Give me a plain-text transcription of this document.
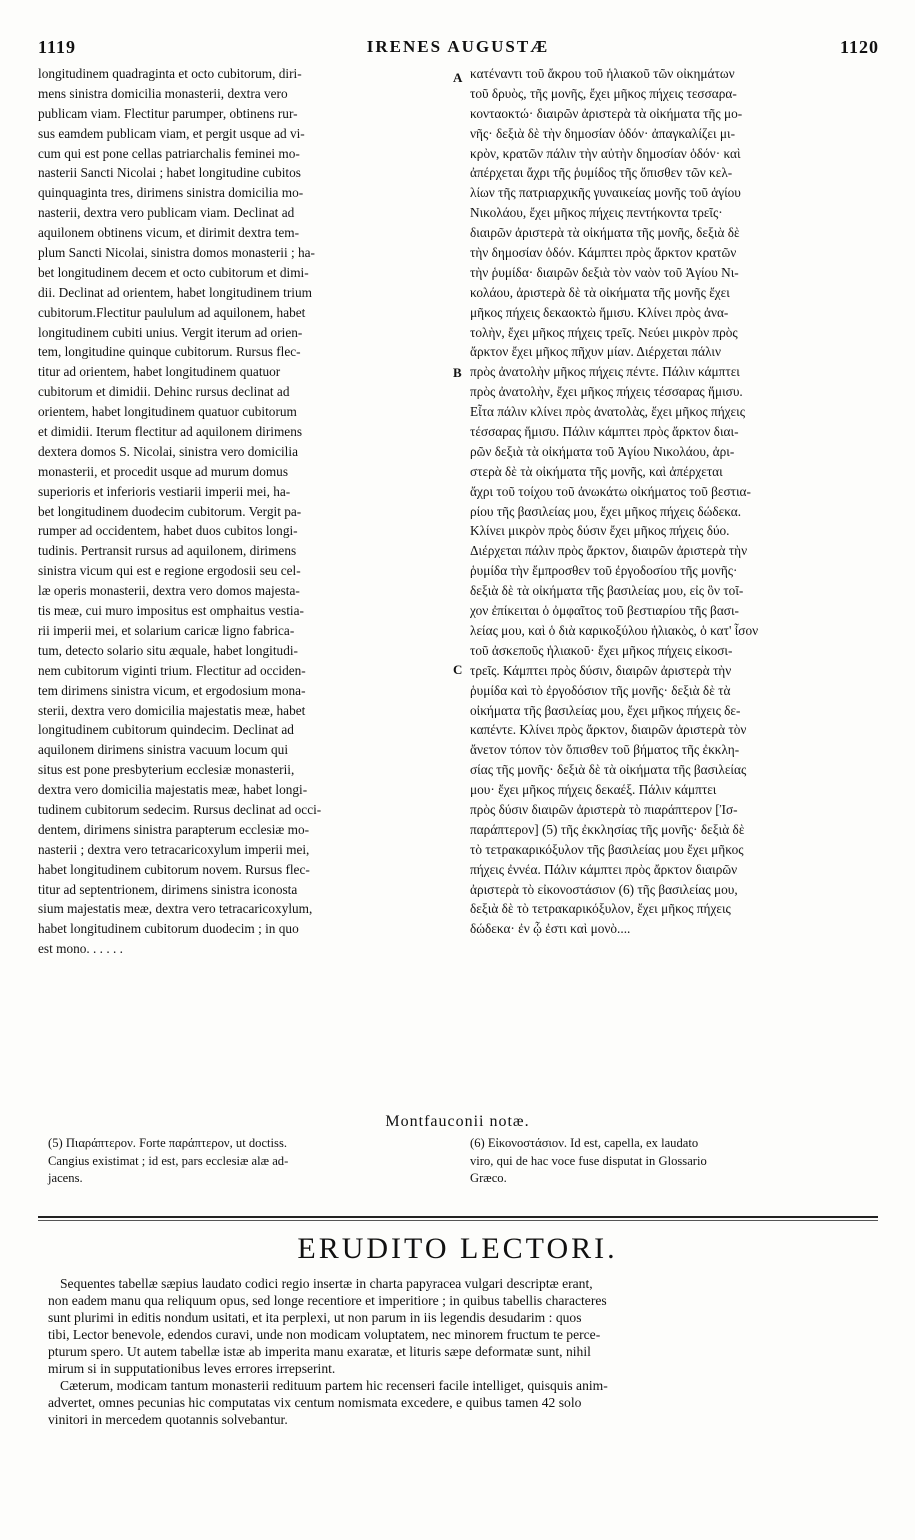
1119	IRENES AUGUSTÆ	1120
A
B
C
longitudinem quadraginta et octo cubitorum, diri-
mens sinistra domicilia monasterii, dextra vero
publicam viam. Flectitur parumper, obtinens rur-
sus eamdem publicam viam, et pergit usque ad vi-
cum qui est pone cellas patriarchalis feminei mo-
nasterii Sancti Nicolai ; habet longitudine cubitos
quinquaginta tres, dirimens sinistra domicilia mo-
nasterii, dextra vero publicam viam. Declinat ad
aquilonem obtinens vicum, et dirimit dextra tem-
plum Sancti Nicolai, sinistra domos monasterii ; ha-
bet longitudinem decem et octo cubitorum et dimi-
dii. Declinat ad orientem, habet longitudinem trium
cubitorum.Flectitur paululum ad aquilonem, habet
longitudinem cubiti unius. Vergit iterum ad orien-
tem, longitudine quinque cubitorum. Rursus flec-
titur ad orientem, habet longitudinem quatuor
cubitorum et dimidii. Dehinc rursus declinat ad
orientem, habet longitudinem quatuor cubitorum
et dimidii. Iterum flectitur ad aquilonem dirimens
dextera domos S. Nicolai, sinistra vero domicilia
monasterii, et procedit usque ad murum domus
superioris et inferioris vestiarii imperii mei, ha-
bet longitudinem duodecim cubitorum. Vergit pa-
rumper ad occidentem, habet duos cubitos longi-
tudinis. Pertransit rursus ad aquilonem, dirimens
sinistra vicum qui est e regione ergodosii seu cel-
læ operis monasterii, dextra vero domos majesta-
tis meæ, cui muro impositus est omphaitus vestia-
rii imperii mei, et solarium caricæ ligno fabrica-
tum, detecto solario situ æquale, habet longitudi-
nem cubitorum viginti trium. Flectitur ad occiden-
tem dirimens sinistra vicum, et ergodosium mona-
sterii, dextra vero domicilia majestatis meæ, habet
longitudinem cubitorum quindecim. Declinat ad
aquilonem dirimens sinistra vacuum locum qui
situs est pone presbyterium ecclesiæ monasterii,
dextra vero domicilia majestatis meæ, habet longi-
tudinem cubitorum sedecim. Rursus declinat ad occi-
dentem, dirimens sinistra parapterum ecclesiæ mo-
nasterii ; dextra vero tetracaricoxylum imperii mei,
habet longitudinem cubitorum novem. Rursus flec-
titur ad septentrionem, dirimens sinistra iconosta
sium majestatis meæ, dextra vero tetracaricoxylum,
habet longitudinem cubitorum duodecim ; in quo
est mono. . . . . .
κατέναντι τοῦ ἄκρου τοῦ ἡλιακοῦ τῶν οἰκημάτων
τοῦ δρυὸς, τῆς μονῆς, ἔχει μῆκος πήχεις τεσσαρα-
κονταοκτώ· διαιρῶν ἀριστερὰ τὰ οἰκήματα τῆς μο-
νῆς· δεξιὰ δὲ τὴν δημοσίαν ὁδόν· ἀπαγκαλίζει μι-
κρὸν, κρατῶν πάλιν τὴν αὐτὴν δημοσίαν ὁδόν· καὶ
ἀπέρχεται ἄχρι τῆς ῥυμίδος τῆς ὄπισθεν τῶν κελ-
λίων τῆς πατριαρχικῆς γυναικείας μονῆς τοῦ ἁγίου
Νικολάου, ἔχει μῆκος πήχεις πεντήκοντα τρεῖς·
διαιρῶν ἀριστερὰ τὰ οἰκήματα τῆς μονῆς, δεξιὰ δὲ
τὴν δημοσίαν ὁδόν. Κάμπτει πρὸς ἄρκτον κρατῶν
τὴν ῥυμίδα· διαιρῶν δεξιὰ τὸν ναὸν τοῦ Ἁγίου Νι-
κολάου, ἀριστερὰ δὲ τὰ οἰκήματα τῆς μονῆς ἔχει
μῆκος πήχεις δεκαοκτὼ ἥμισυ. Κλίνει πρὸς ἀνα-
τολὴν, ἔχει μῆκος πήχεις τρεῖς. Νεύει μικρὸν πρὸς
ἄρκτον ἔχει μῆκος πῆχυν μίαν. Διέρχεται πάλιν
πρὸς ἀνατολὴν μῆκος πήχεις πέντε. Πάλιν κάμπτει
πρὸς ἀνατολὴν, ἔχει μῆκος πήχεις τέσσαρας ἥμισυ.
Εἶτα πάλιν κλίνει πρὸς ἀνατολὰς, ἔχει μῆκος πήχεις
τέσσαρας ἥμισυ. Πάλιν κάμπτει πρὸς ἄρκτον διαι-
ρῶν δεξιὰ τὰ οἰκήματα τοῦ Ἁγίου Νικολάου, ἀρι-
στερὰ δὲ τὰ οἰκήματα τῆς μονῆς, καὶ ἀπέρχεται
ἄχρι τοῦ τοίχου τοῦ ἀνωκάτω οἰκήματος τοῦ βεστια-
ρίου τῆς βασιλείας μου, ἔχει μῆκος πήχεις δώδεκα.
Κλίνει μικρὸν πρὸς δύσιν ἔχει μῆκος πήχεις δύο.
Διέρχεται πάλιν πρὸς ἄρκτον, διαιρῶν ἀριστερὰ τὴν
ῥυμίδα τὴν ἔμπροσθεν τοῦ ἐργοδοσίου τῆς μονῆς·
δεξιὰ δὲ τὰ οἰκήματα τῆς βασιλείας μου, εἰς ὃν τοῖ-
χον ἐπίκειται ὁ ὀμφαῖτος τοῦ βεστιαρίου τῆς βασι-
λείας μου, καὶ ὁ διὰ καρικοξύλου ἡλιακὸς, ὁ κατ' ἶσον
τοῦ ἀσκεποῦς ἡλιακοῦ· ἔχει μῆκος πήχεις εἰκοσι-
τρεῖς. Κάμπτει πρὸς δύσιν, διαιρῶν ἀριστερὰ τὴν
ῥυμίδα καὶ τὸ ἐργοδόσιον τῆς μονῆς· δεξιὰ δὲ τὰ
οἰκήματα τῆς βασιλείας μου, ἔχει μῆκος πήχεις δε-
καπέντε. Κλίνει πρὸς ἄρκτον, διαιρῶν ἀριστερὰ τὸν
ἄνετον τόπον τὸν ὄπισθεν τοῦ βήματος τῆς ἐκκλη-
σίας τῆς μονῆς· δεξιὰ δὲ τὰ οἰκήματα τῆς βασιλείας
μου· ἔχει μῆκος πήχεις δεκαέξ. Πάλιν κάμπτει
πρὸς δύσιν διαιρῶν ἀριστερὰ τὸ πιαράπτερον [Ἰσ-
παράπτερον] (5) τῆς ἐκκλησίας τῆς μονῆς· δεξιὰ δὲ
τὸ τετρακαρικόξυλον τῆς βασιλείας μου ἔχει μῆκος
πήχεις ἐννέα. Πάλιν κάμπτει πρὸς ἄρκτον διαιρῶν
ἀριστερὰ τὸ εἰκονοστάσιον (6) τῆς βασιλείας μου,
δεξιὰ δὲ τὸ τετρακαρικόξυλον, ἔχει μῆκος πήχεις
δώδεκα· ἐν ᾧ ἐστι καὶ μονὸ....
Montfauconii notæ.
(5) Πιαράπτερον. Forte παράπτερον, ut doctiss.
Cangius existimat ; id est, pars ecclesiæ alæ ad-
jacens.
(6) Εἰκονοστάσιον. Id est, capella, ex laudato
viro, qui de hac voce fuse disputat in Glossario
Græco.
ERUDITO LECTORI.
Sequentes tabellæ sæpius laudato codici regio insertæ in charta papyracea vulgari descriptæ erant,
non eadem manu qua reliquum opus, sed longe recentiore et imperitiore ; in quibus tabellis characteres
sunt plurimi in editis nondum usitati, et ita perplexi, ut non parum in iis legendis desudarim : quos
tibi, Lector benevole, edendos curavi, unde non modicam voluptatem, nec minorem fructum te perce-
pturum spero. Ut autem tabellæ istæ ab imperita manu exaratæ, et lituris sæpe deformatæ sunt, nihil
mirum si in supputationibus leves errores irrepserint.
Cæterum, modicam tantum monasterii redituum partem hic recenseri facile intelliget, quisquis anim-
advertet, omnes pecunias hic computatas vix centum nomismata excedere, e quibus tamen 42 solo
vinitori in mercedem quotannis solvebantur.
